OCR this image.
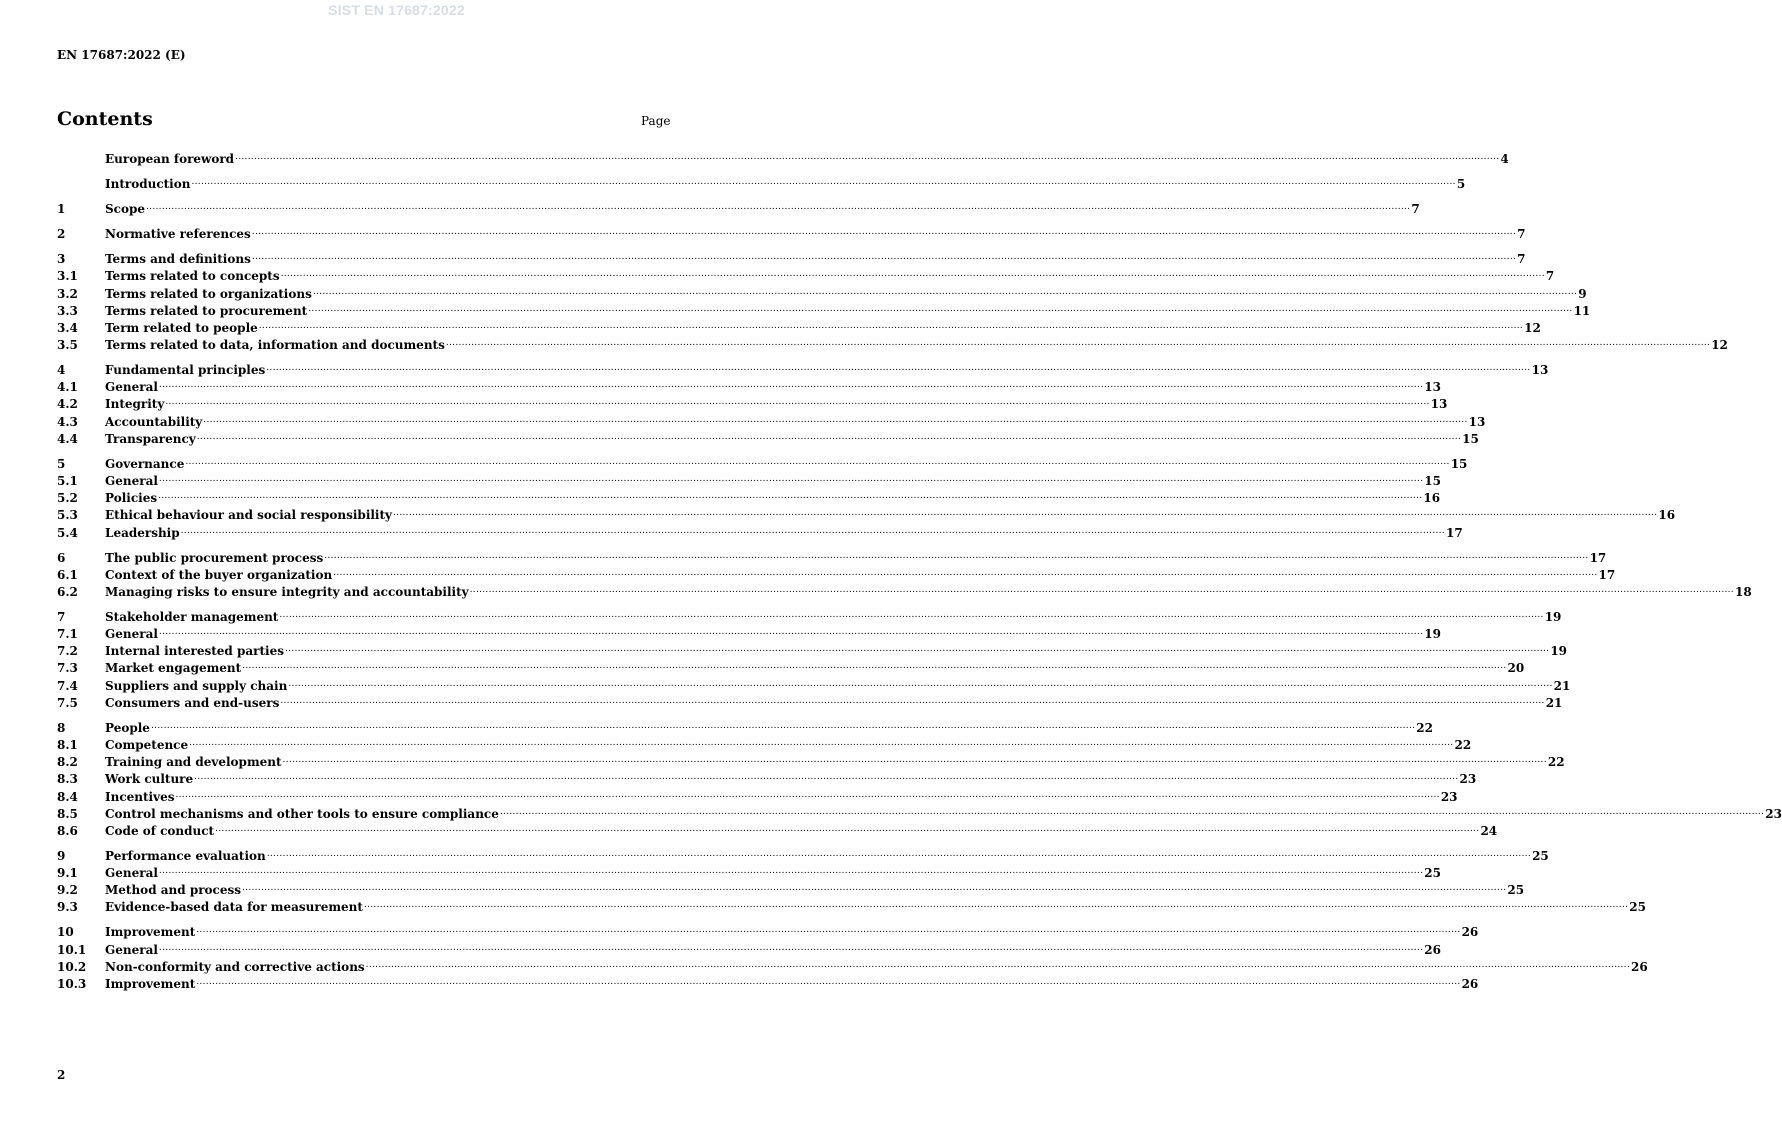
SIST EN 17687:2022
EN 17687:2022 (E)
Contents	Page
European foreword ................................................................................................................................................................................................................................................................................................................................................................................................................ 4
Introduction ................................................................................................................................................................................................................................................................................................................................................................................................................ 5
1	Scope ................................................................................................................................................................................................................................................................................................................................................................................................................ 7
2	Normative references ................................................................................................................................................................................................................................................................................................................................................................................................................ 7
3	Terms and definitions ................................................................................................................................................................................................................................................................................................................................................................................................................ 7
3.1	Terms related to concepts ................................................................................................................................................................................................................................................................................................................................................................................................................ 7
3.2	Terms related to organizations ................................................................................................................................................................................................................................................................................................................................................................................................................ 9
3.3	Terms related to procurement ................................................................................................................................................................................................................................................................................................................................................................................................................ 11
3.4	Term related to people ................................................................................................................................................................................................................................................................................................................................................................................................................ 12
3.5	Terms related to data, information and documents ................................................................................................................................................................................................................................................................................................................................................................................................................ 12
4	Fundamental principles ................................................................................................................................................................................................................................................................................................................................................................................................................ 13
4.1	General ................................................................................................................................................................................................................................................................................................................................................................................................................ 13
4.2	Integrity ................................................................................................................................................................................................................................................................................................................................................................................................................ 13
4.3	Accountability ................................................................................................................................................................................................................................................................................................................................................................................................................ 13
4.4	Transparency ................................................................................................................................................................................................................................................................................................................................................................................................................ 15
5	Governance ................................................................................................................................................................................................................................................................................................................................................................................................................ 15
5.1	General ................................................................................................................................................................................................................................................................................................................................................................................................................ 15
5.2	Policies ................................................................................................................................................................................................................................................................................................................................................................................................................ 16
5.3	Ethical behaviour and social responsibility ................................................................................................................................................................................................................................................................................................................................................................................................................ 16
5.4	Leadership ................................................................................................................................................................................................................................................................................................................................................................................................................ 17
6	The public procurement process ................................................................................................................................................................................................................................................................................................................................................................................................................ 17
6.1	Context of the buyer organization ................................................................................................................................................................................................................................................................................................................................................................................................................ 17
6.2	Managing risks to ensure integrity and accountability ................................................................................................................................................................................................................................................................................................................................................................................................................ 18
7	Stakeholder management ................................................................................................................................................................................................................................................................................................................................................................................................................ 19
7.1	General ................................................................................................................................................................................................................................................................................................................................................................................................................ 19
7.2	Internal interested parties ................................................................................................................................................................................................................................................................................................................................................................................................................ 19
7.3	Market engagement ................................................................................................................................................................................................................................................................................................................................................................................................................ 20
7.4	Suppliers and supply chain ................................................................................................................................................................................................................................................................................................................................................................................................................ 21
7.5	Consumers and end-users ................................................................................................................................................................................................................................................................................................................................................................................................................ 21
8	People ................................................................................................................................................................................................................................................................................................................................................................................................................ 22
8.1	Competence ................................................................................................................................................................................................................................................................................................................................................................................................................ 22
8.2	Training and development ................................................................................................................................................................................................................................................................................................................................................................................................................ 22
8.3	Work culture ................................................................................................................................................................................................................................................................................................................................................................................................................ 23
8.4	Incentives ................................................................................................................................................................................................................................................................................................................................................................................................................ 23
8.5	Control mechanisms and other tools to ensure compliance ................................................................................................................................................................................................................................................................................................................................................................................................................ 23
8.6	Code of conduct ................................................................................................................................................................................................................................................................................................................................................................................................................ 24
9	Performance evaluation ................................................................................................................................................................................................................................................................................................................................................................................................................ 25
9.1	General ................................................................................................................................................................................................................................................................................................................................................................................................................ 25
9.2	Method and process ................................................................................................................................................................................................................................................................................................................................................................................................................ 25
9.3	Evidence-based data for measurement ................................................................................................................................................................................................................................................................................................................................................................................................................ 25
10	Improvement ................................................................................................................................................................................................................................................................................................................................................................................................................ 26
10.1	General ................................................................................................................................................................................................................................................................................................................................................................................................................ 26
10.2	Non-conformity and corrective actions ................................................................................................................................................................................................................................................................................................................................................................................................................ 26
10.3	Improvement ................................................................................................................................................................................................................................................................................................................................................................................................................ 26
2
